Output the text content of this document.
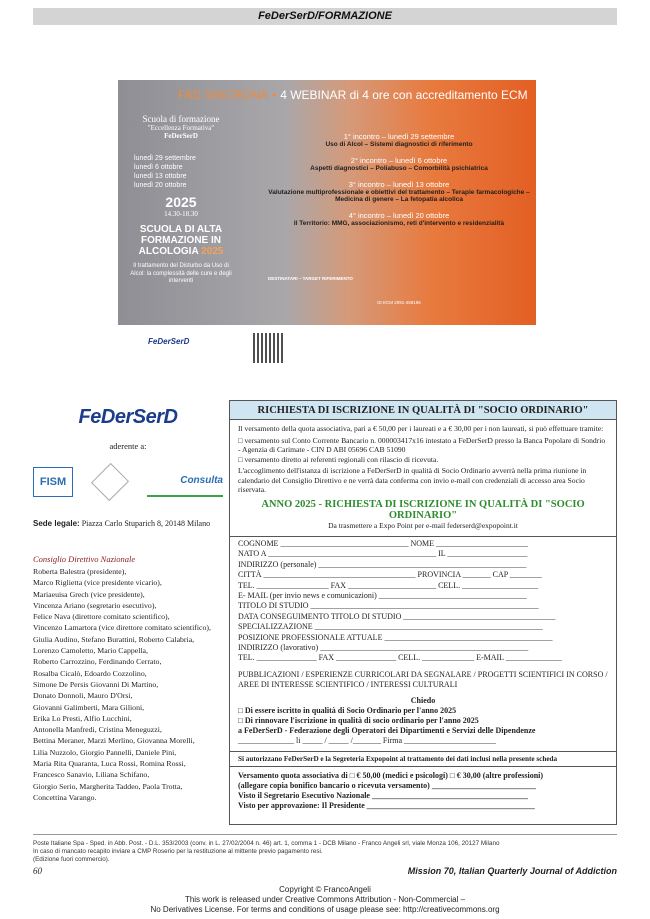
FeDerSerD/FORMAZIONE
FAD SINCRONA • 4 WEBINAR di 4 ore con accreditamento ECM
Scuola di formazione
"Eccellenza Formativa"
FeDerSerD
lunedì 29 settembre
lunedì 6 ottobre
lunedì 13 ottobre
lunedì 20 ottobre
2025
14.30-18.30
SCUOLA DI ALTA FORMAZIONE IN ALCOLOGIA 2025
Il trattamento del Disturbo da Uso di Alcol: la complessità delle cure e degli interventi
1° incontro – lunedì 29 settembre
Uso di Alcol – Sistemi diagnostici di riferimento
2° incontro – lunedì 6 ottobre
Aspetti diagnostici – Poliabuso – Comorbilità psichiatrica
3° incontro – lunedì 13 ottobre
Valutazione multiprofessionale e obiettivi del trattamento – Terapie farmacologiche – Medicina di genere – La fetopatia alcolica
4° incontro – lunedì 20 ottobre
Il Territorio: MMG, associazionismo, reti d'intervento e residenzialità
DESTINATARI – TARGET RIFERIMENTO
ID ECM 2091-458196
FeDerSerD
FeDerSerD
aderente a:
FISM	Consulta
Sede legale: Piazza Carlo Stuparich 8, 20148 Milano
Consiglio Direttivo Nazionale
Roberta Balestra (presidente),
Marco Riglietta (vice presidente vicario),
Mariaeuisa Grech (vice presidente),
Vincenza Ariano (segretario esecutivo),
Felice Nava (direttore comitato scientifico),
Vincenzo Lamartora (vice direttore comitato scientifico),
Giulia Audino, Stefano Burattini, Roberto Calabria,
Lorenzo Camoletto, Mario Cappella,
Roberto Carrozzino, Ferdinando Cerrato,
Rosalba Cicalò, Edoardo Cozzolino,
Simone De Persis Giovanni Di Martino,
Donato Donnoli, Mauro D'Orsi,
Giovanni Galimberti, Mara Gilioni,
Erika Lo Presti, Alfio Lucchini,
Antonella Manfredi, Cristina Meneguzzi,
Bettina Meraner, Marzi Merlino, Giovanna Morelli,
Lilia Nuzzolo, Giorgio Pannelli, Daniele Pini,
Maria Rita Quaranta, Luca Rossi, Romina Rossi,
Francesco Sanavio, Liliana Schifano,
Giorgio Serio, Margherita Taddeo, Paola Trotta,
Concettina Varango.
RICHIESTA DI ISCRIZIONE IN QUALITÀ DI "SOCIO ORDINARIO"

Il versamento della quota associativa, pari a € 50,00 per i laureati e a € 30,00 per i non laureati, si può effettuare tramite:

□ versamento sul Conto Corrente Bancario n. 000003417x16 intestato a FeDerSerD presso la Banca Popolare di Sondrio - Agenzia di Carimate - CIN D ABI 05696 CAB 51090

□ versamento diretto ai referenti regionali con rilascio di ricevuta.

L'accoglimento dell'istanza di iscrizione a FeDerSerD in qualità di Socio Ordinario avverrà nella prima riunione in calendario del Consiglio Direttivo e ne verrà data conferma con invio e-mail con credenziali di accesso area Socio riservata.

ANNO 2025 - RICHIESTA DI ISCRIZIONE IN QUALITÀ DI "SOCIO ORDINARIO"
Da trasmettere a Expo Point per e-mail federserd@expopoint.it
COGNOME ________________________________ NOME _______________________
NATO A __________________________________________ IL ____________________
INDIRIZZO (personale) ____________________________________________________
CITTÀ ______________________________________ PROVINCIA _______ CAP ________
TEL. __________________ FAX ______________________ CELL. ___________________
E- MAIL (per invio news e comunicazioni) _____________________________________
TITOLO DI STUDIO _________________________________________________________
DATA CONSEGUIMENTO TITOLO DI STUDIO ______________________________________
SPECIALIZZAZIONE _________________________________________________________
POSIZIONE PROFESSIONALE ATTUALE __________________________________________
INDIRIZZO (lavorativo) ____________________________________________________
TEL. _______________ FAX _______________ CELL. _____________ E-MAIL ______________
PUBBLICAZIONI / ESPERIENZE CURRICOLARI DA SEGNALARE / PROGETTI SCIENTIFICI IN CORSO / AREE DI INTERESSE SCIENTIFICO / INTERESSI CULTURALI
Chiedo
□ Di essere iscritto in qualità di Socio Ordinario per l'anno 2025
□ Di rinnovare l'iscrizione in qualità di socio ordinario per l'anno 2025
a FeDerSerD - Federazione degli Operatori dei Dipartimenti e Servizi delle Dipendenze
______________ li _____ / _____ /_______ Firma _______________________
Si autorizzano FeDerSerD e la Segreteria Expopoint al trattamento dei dati inclusi nella presente scheda
Versamento quota associativa di □ € 50,00 (medici e psicologi) □ € 30,00 (altre professioni)
(allegare copia bonifico bancario o ricevuta versamento) __________________________
Visto il Segretario Esecutivo Nazionale _______________________________________
Visto per approvazione: Il Presidente __________________________________________
Poste Italiane Spa - Sped. in Abb. Post. - D.L. 353/2003 (conv. in L. 27/02/2004 n. 46) art. 1, comma 1 - DCB Milano - Franco Angeli srl, viale Monza 106, 20127 Milano
In caso di mancato recapito inviare a CMP Roserio per la restituzione al mittente previo pagamento resi.
(Edizione fuori commercio).
60	Mission 70, Italian Quarterly Journal of Addiction
Copyright © FrancoAngeli
This work is released under Creative Commons Attribution - Non-Commercial –
No Derivatives License. For terms and conditions of usage please see: http://creativecommons.org
